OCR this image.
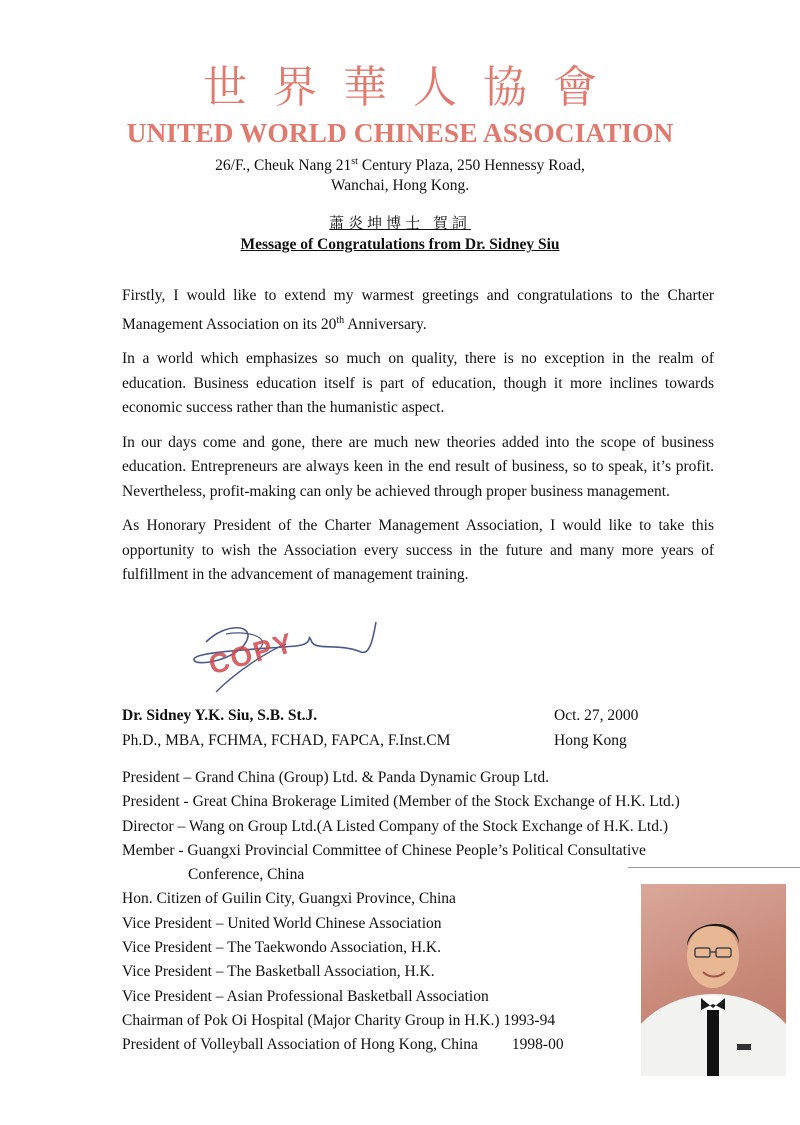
世界華人協會
UNITED WORLD CHINESE ASSOCIATION
26/F., Cheuk Nang 21st Century Plaza, 250 Hennessy Road,
Wanchai, Hong Kong.
蕭炎坤博士 賀詞
Message of Congratulations from Dr. Sidney Siu

Firstly, I would like to extend my warmest greetings and congratulations to the Charter Management Association on its 20th Anniversary.

In a world which emphasizes so much on quality, there is no exception in the realm of education. Business education itself is part of education, though it more inclines towards economic success rather than the humanistic aspect.

In our days come and gone, there are much new theories added into the scope of business education. Entrepreneurs are always keen in the end result of business, so to speak, it’s profit. Nevertheless, profit-making can only be achieved through proper business management.

As Honorary President of the Charter Management Association, I would like to take this opportunity to wish the Association every success in the future and many more years of fulfillment in the advancement of management training.

COPY
Dr. Sidney Y.K. Siu, S.B. St.J.	Oct. 27, 2000
Ph.D., MBA, FCHMA, FCHAD, FAPCA, F.Inst.CM	Hong Kong
President – Grand China (Group) Ltd. & Panda Dynamic Group Ltd.
President - Great China Brokerage Limited (Member of the Stock Exchange of H.K. Ltd.)
Director – Wang on Group Ltd.(A Listed Company of the Stock Exchange of H.K. Ltd.)
Member - Guangxi Provincial Committee of Chinese People’s Political Consultative
Conference, China
Hon. Citizen of Guilin City, Guangxi Province, China
Vice President – United World Chinese Association
Vice President – The Taekwondo Association, H.K.
Vice President – The Basketball Association, H.K.
Vice President – Asian Professional Basketball Association
Chairman of Pok Oi Hospital (Major Charity Group in H.K.) 1993-94
President of Volleyball Association of Hong Kong, China 1998-00
